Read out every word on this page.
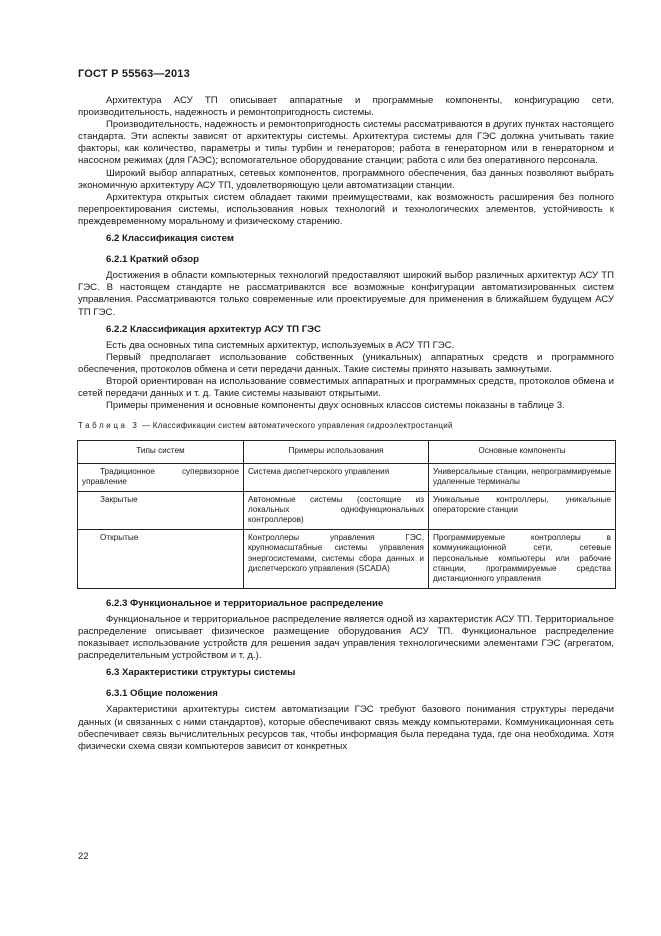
ГОСТ Р 55563—2013

Архитектура АСУ ТП описывает аппаратные и программные компоненты, конфигурацию сети, производительность, надежность и ремонтопригодность системы.

Производительность, надежность и ремонтопригодность системы рассматриваются в других пунктах настоящего стандарта. Эти аспекты зависят от архитектуры системы. Архитектура системы для ГЭС должна учитывать такие факторы, как количество, параметры и типы турбин и генераторов; работа в генераторном или в генераторном и насосном режимах (для ГАЭС); вспомогательное оборудование станции; работа с или без оперативного персонала.

Широкий выбор аппаратных, сетевых компонентов, программного обеспечения, баз данных позволяют выбрать экономичную архитектуру АСУ ТП, удовлетворяющую цели автоматизации станции.

Архитектура открытых систем обладает такими преимуществами, как возможность расширения без полного перепроектирования системы, использования новых технологий и технологических элементов, устойчивость к преждевременному моральному и физическому старению.

6.2 Классификация систем
6.2.1 Краткий обзор

Достижения в области компьютерных технологий предоставляют широкий выбор различных архитектур АСУ ТП ГЭС. В настоящем стандарте не рассматриваются все возможные конфигурации автоматизированных систем управления. Рассматриваются только современные или проектируемые для применения в ближайшем будущем АСУ ТП ГЭС.

6.2.2 Классификация архитектур АСУ ТП ГЭС

Есть два основных типа системных архитектур, используемых в АСУ ТП ГЭС.

Первый предполагает использование собственных (уникальных) аппаратных средств и программного обеспечения, протоколов обмена и сети передачи данных. Такие системы принято называть замкнутыми.

Второй ориентирован на использование совместимых аппаратных и программных средств, протоколов обмена и сетей передачи данных и т. д. Такие системы называют открытыми.

Примеры применения и основные компоненты двух основных классов системы показаны в таблице 3.

Таблица 3 — Классификации систем автоматического управления гидроэлектростанций
Типы систем	Примеры использования	Основные компоненты
Традиционное супервизорное управление	Система диспетчерского управления	Универсальные станции, непрограммируемые удаленные терминалы
Закрытые	Автономные системы (состоящие из локальных однофункциональных контроллеров)	Уникальные контроллеры, уникальные операторские станции
Открытые	Контроллеры управления ГЭС, крупномасштабные системы управления энергосистемами, системы сбора данных и диспетчерского управления (SCADA)	Программируемые контроллеры в коммуникационной сети, сетевые персональные компьютеры или рабочие станции, программируемые средства дистанционного управления
6.2.3 Функциональное и территориальное распределение

Функциональное и территориальное распределение является одной из характеристик АСУ ТП. Территориальное распределение описывает физическое размещение оборудования АСУ ТП. Функциональное распределение показывает использование устройств для решения задач управления технологическими элементами ГЭС (агрегатом, распределительным устройством и т. д.).

6.3 Характеристики структуры системы
6.3.1 Общие положения

Характеристики архитектуры систем автоматизации ГЭС требуют базового понимания структуры передачи данных (и связанных с ними стандартов), которые обеспечивают связь между компьютерами. Коммуникационная сеть обеспечивает связь вычислительных ресурсов так, чтобы информация была передана туда, где она необходима. Хотя физически схема связи компьютеров зависит от конкретных

22
